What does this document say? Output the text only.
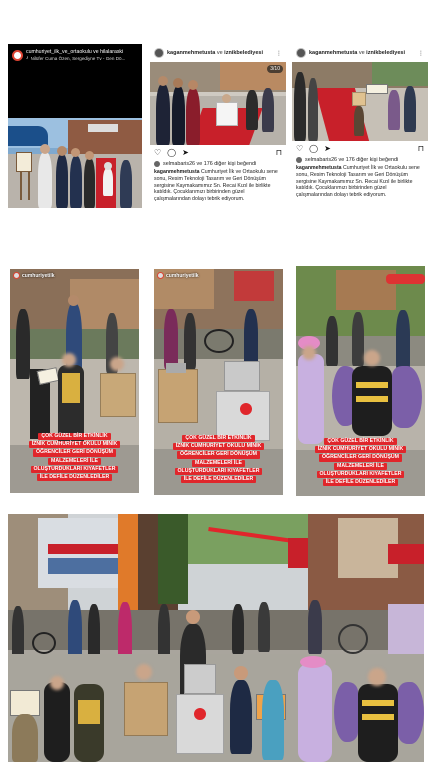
cumhuriyet_ilk_ve_ortaokulu ve hilalaraski
♪ Nilüfer Cuma Özen, Sergediyne Tv - Gen Dö...
kaganmehmetusta ve iznikbelediyesi ⋮
3/10
♡ ◯ ➤	⊓
selmabaris26 ve 176 diğer kişi beğendi
kaganmehmetusta Cumhuriyet İlk ve Ortaokulu sene sonu, Resim Teknoloji Tasarım ve Geri Dönüşüm sergisine Kaymakamımız Sn. Recai Kızıl ile birlikte katıldık. Çocuklarımızı birbirinden güzel çalışmalarından dolayı tebrik ediyorum.
kaganmehmetusta ve iznikbelediyesi ⋮
♡ ◯ ➤	⊓
selmabaris26 ve 176 diğer kişi beğendi
kaganmehmetusta Cumhuriyet İlk ve Ortaokulu sene sonu, Resim Teknoloji Tasarım ve Geri Dönüşüm sergisine Kaymakamımız Sn. Recai Kızıl ile birlikte katıldık. Çocuklarımızı birbirinden güzel çalışmalarından dolayı tebrik ediyorum.
cumhuriyetilk
ÇOK GÜZEL BİR ETKİNLİK
İZNİK CUMHURİYET OKULU MİNİK
ÖĞRENCİLER GERİ DÖNÜŞÜM
MALZEMELERİ İLE
OLUŞTURDUKLARI KIYAFETLER
İLE DEFİLE DÜZENLEDİLER
cumhuriyetilk
ÇOK GÜZEL BİR ETKİNLİK
İZNİK CUMHURİYET OKULU MİNİK
ÖĞRENCİLER GERİ DÖNÜŞÜM
MALZEMELERİ İLE
OLUŞTURDUKLARI KIYAFETLER
İLE DEFİLE DÜZENLEDİLER
ÇOK GÜZEL BİR ETKİNLİK
İZNİK CUMHURİYET OKULU MİNİK
ÖĞRENCİLER GERİ DÖNÜŞÜM
MALZEMELERİ İLE
OLUŞTURDUKLARI KIYAFETLER
İLE DEFİLE DÜZENLEDİLER
